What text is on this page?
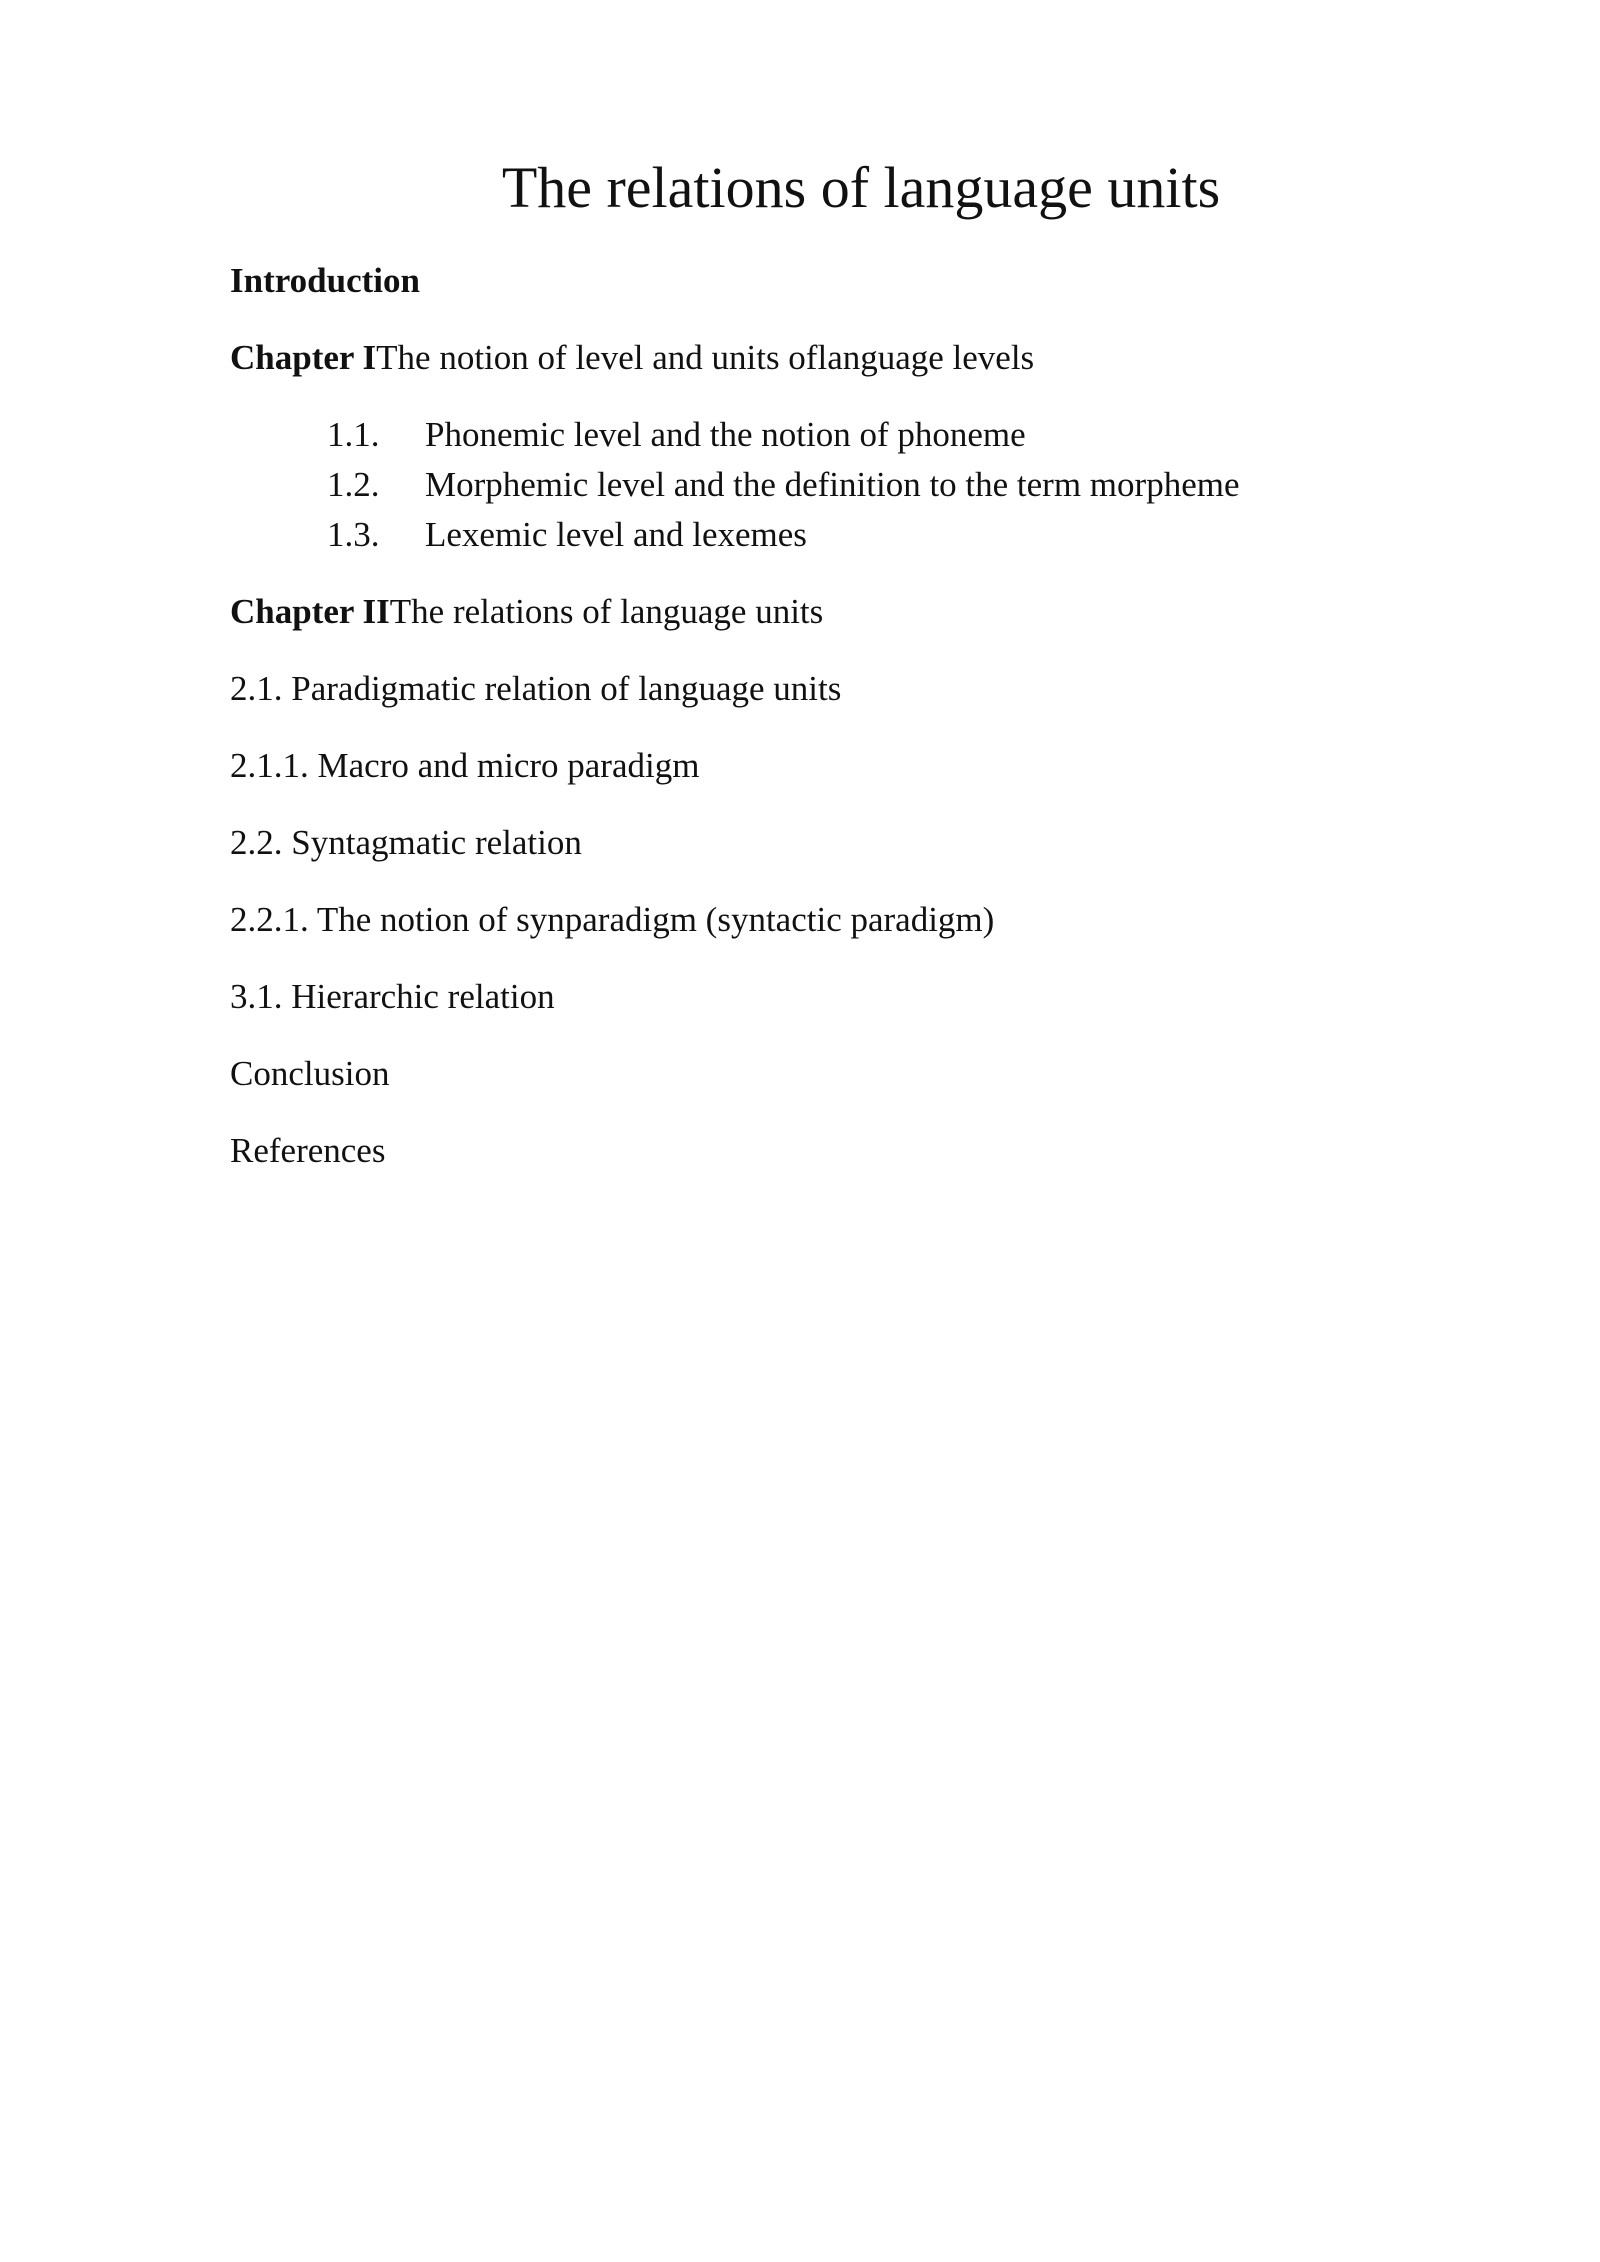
The relations of language units
Introduction
Chapter IThe notion of level and units oflanguage levels
1.1. Phonemic level and the notion of phoneme
1.2. Morphemic level and the definition to the term morpheme
1.3. Lexemic level and lexemes
Chapter IIThe relations of language units
2.1. Paradigmatic relation of language units
2.1.1. Macro and micro paradigm
2.2. Syntagmatic relation
2.2.1. The notion of synparadigm (syntactic paradigm)
3.1. Hierarchic relation
Conclusion
References
